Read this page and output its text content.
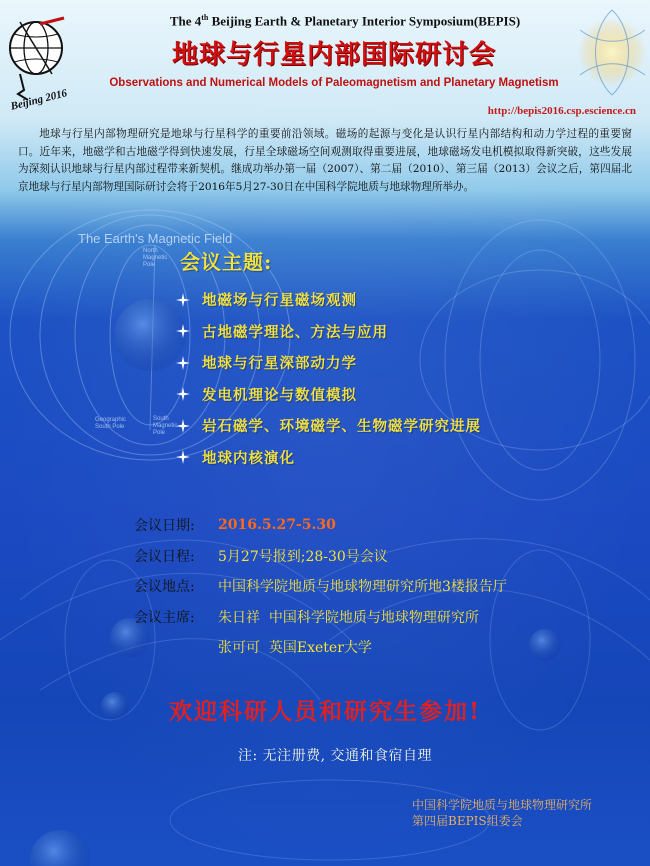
Beijing 2016
The 4th Beijing Earth & Planetary Interior Symposium(BEPIS)
地球与行星内部国际研讨会
Observations and Numerical Models of Paleomagnetism and Planetary Magnetism
http://bepis2016.csp.escience.cn

地球与行星内部物理研究是地球与行星科学的重要前沿领域。磁场的起源与变化是认识行星内部结构和动力学过程的重要窗口。近年来，地磁学和古地磁学得到快速发展，行星全球磁场空间观测取得重要进展，地球磁场发电机模拟取得新突破，这些发展为深刻认识地球与行星内部过程带来新契机。继成功举办第一届（2007）、第二届（2010）、第三届（2013）会议之后，第四届北京地球与行星内部物理国际研讨会将于2016年5月27-30日在中国科学院地质与地球物理所举办。

The Earth's Magnetic Field
North
Magnetic
Pole
Geographic
South Pole
South
Magnetic
Pole
会议主题:
地磁场与行星磁场观测
古地磁学理论、方法与应用
地球与行星深部动力学
发电机理论与数值模拟
岩石磁学、环境磁学、生物磁学研究进展
地球内核演化
会议日期:	2016.5.27-5.30
会议日程:	5月27号报到;28-30号会议
会议地点:	中国科学院地质与地球物理研究所地3楼报告厅
会议主席:	朱日祥  中国科学院地质与地球物理研究所
张可可  英国Exeter大学
欢迎科研人员和研究生参加!
注: 无注册费, 交通和食宿自理
中国科学院地质与地球物理研究所
第四届BEPIS组委会
